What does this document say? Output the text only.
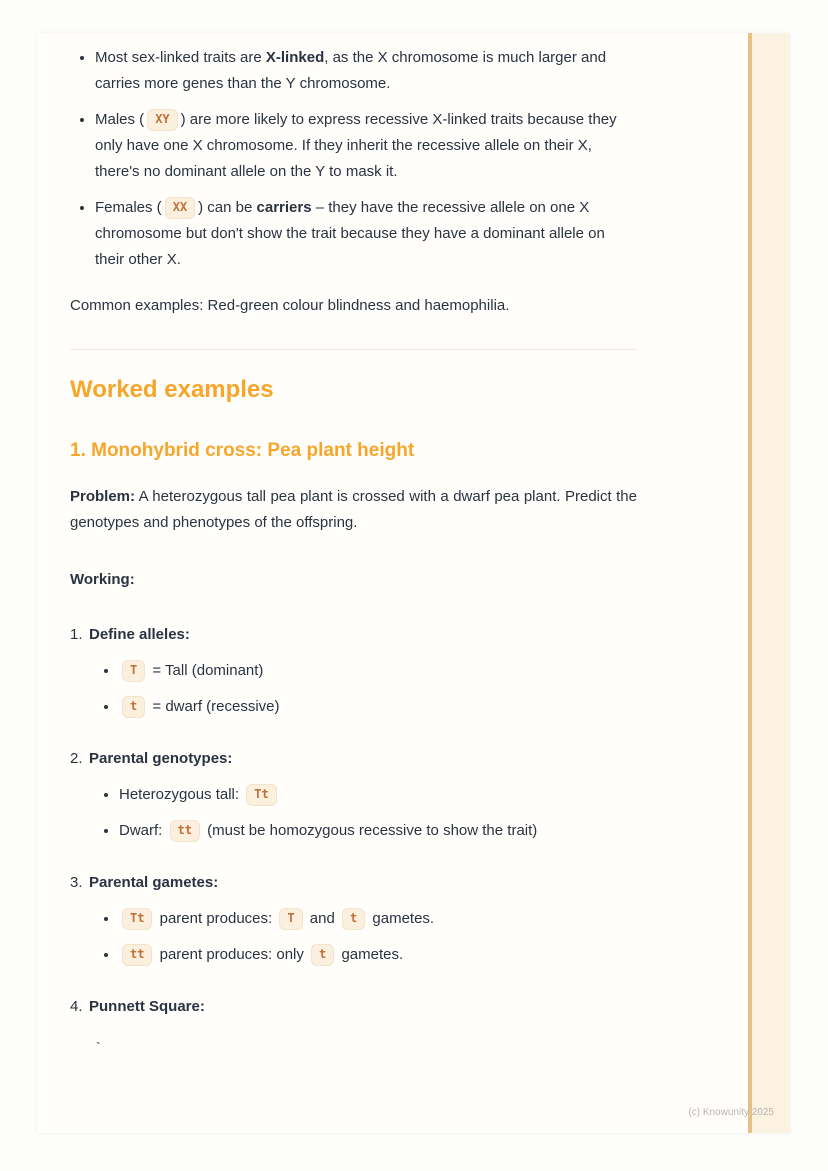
• Most sex-linked traits are X-linked, as the X chromosome is much larger and carries more genes than the Y chromosome.
• Males ( XY ) are more likely to express recessive X-linked traits because they only have one X chromosome. If they inherit the recessive allele on their X, there's no dominant allele on the Y to mask it.
• Females ( XX ) can be carriers – they have the recessive allele on one X chromosome but don't show the trait because they have a dominant allele on their other X.

Common examples: Red-green colour blindness and haemophilia.

Worked examples
1. Monohybrid cross: Pea plant height

Problem: A heterozygous tall pea plant is crossed with a dwarf pea plant. Predict the genotypes and phenotypes of the offspring.

Working:

1. Define alleles:
• T = Tall (dominant)
• t = dwarf (recessive)
2. Parental genotypes:
• Heterozygous tall: Tt
• Dwarf: tt (must be homozygous recessive to show the trait)
3. Parental gametes:
• Tt parent produces: T and t gametes.
• tt parent produces: only t gametes.
4. Punnett Square:

`

(c) Knowunity 2025
